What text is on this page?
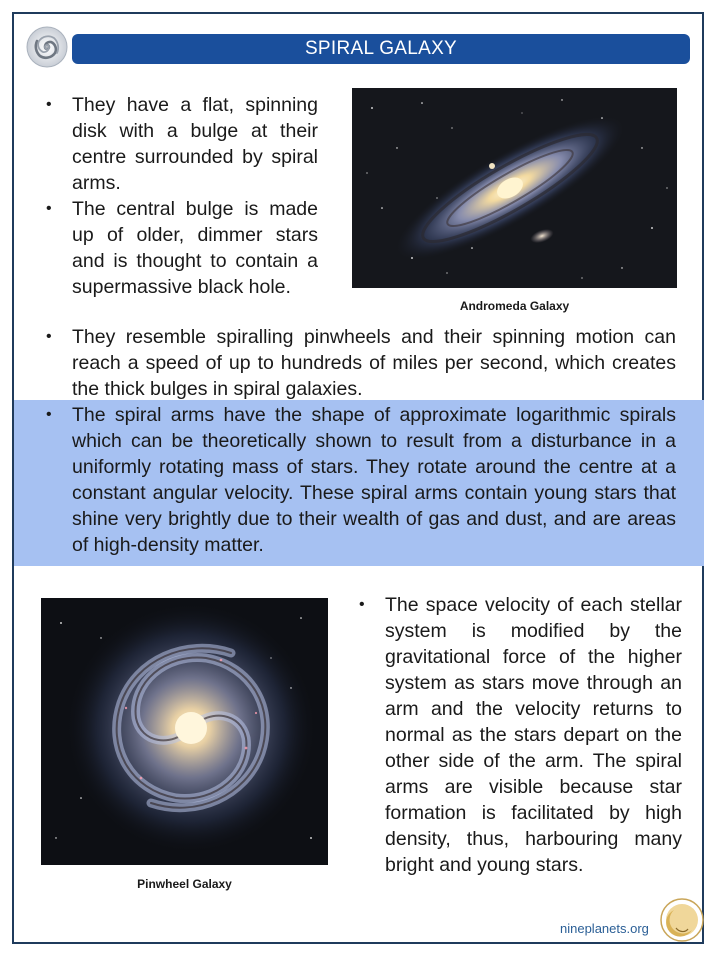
SPIRAL GALAXY
• They have a flat, spinning disk with a bulge at their centre surrounded by spiral arms.
• The central bulge is made up of older, dimmer stars and is thought to contain a supermassive black hole.
Andromeda Galaxy
• They resemble spiralling pinwheels and their spinning motion can reach a speed of up to hundreds of miles per second, which creates the thick bulges in spiral galaxies.
• The spiral arms have the shape of approximate logarithmic spirals which can be theoretically shown to result from a disturbance in a uniformly rotating mass of stars. They rotate around the centre at a constant angular velocity. These spiral arms contain young stars that shine very brightly due to their wealth of gas and dust, and are areas of high-density matter.
Pinwheel Galaxy
• The space velocity of each stellar system is modified by the gravitational force of the higher system as stars move through an arm and the velocity returns to normal as the stars depart on the other side of the arm. The spiral arms are visible because star formation is facilitated by high density, thus, harbouring many bright and young stars.
nineplanets.org
